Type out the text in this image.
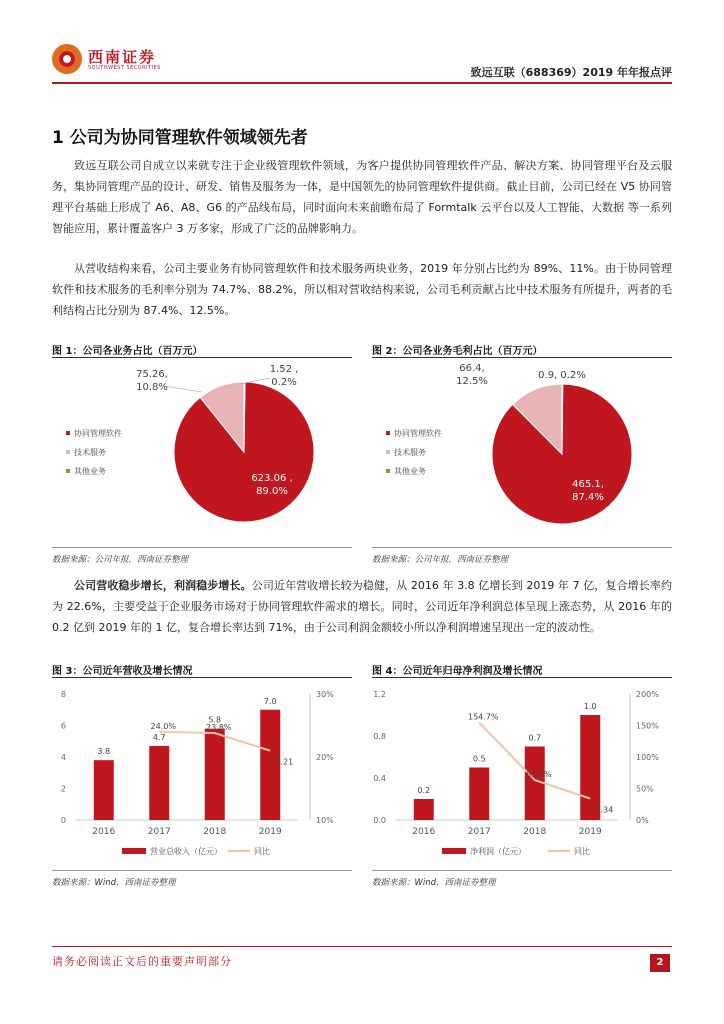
西南证券
SOUTHWEST SECURITIES	致远互联（688369）2019 年年报点评
1 公司为协同管理软件领域领先者

致远互联公司自成立以来就专注于企业级管理软件领域，为客户提供协同管理软件产品、解决方案、协同管理平台及云服务，集协同管理产品的设计、研发、销售及服务为一体，是中国领先的协同管理软件提供商。截止目前，公司已经在 V5 协同管理平台基础上形成了 A6、A8、G6 的产品线布局，同时面向未来前瞻布局了 Formtalk 云平台以及人工智能、大数据 等一系列智能应用，累计覆盖客户 3 万多家，形成了广泛的品牌影响力。

从营收结构来看，公司主要业务有协同管理软件和技术服务两块业务，2019 年分别占比约为 89%、11%。由于协同管理软件和技术服务的毛利率分别为 74.7%、88.2%，所以相对营收结构来说，公司毛利贡献占比中技术服务有所提升，两者的毛利结构占比分别为 87.4%、12.5%。

图 1：公司各业务占比（百万元）	图 2：公司各业务毛利占比（百万元）
协同管理软件
技术服务
其他业务
623.06 ,
89.0%
75.26,
10.8%
1.52 ,
0.2%
协同管理软件
技术服务
其他业务
465.1,
87.4%
66.4,
12.5%
0.9, 0.2%
数据来源：公司年报，西南证券整理	数据来源：公司年报，西南证券整理

公司营收稳步增长，利润稳步增长。公司近年营收增长较为稳健，从 2016 年 3.8 亿增长到 2019 年 7 亿，复合增长率约为 22.6%，主要受益于企业服务市场对于协同管理软件需求的增长。同时，公司近年净利润总体呈现上涨态势，从 2016 年的 0.2 亿到 2019 年的 1 亿，复合增长率达到 71%，由于公司利润金额较小所以净利润增速呈现出一定的波动性。

图 3：公司近年营收及增长情况	图 4：公司近年归母净利润及增长情况
0
2
4
6
8
10%
20%
30%
3.8
2016
4.7
2017
5.8
2018
7.0
2019
24.0%	23.8%
0.21
营业总收入（亿元）	同比
0.0
0.4
0.8
1.2
0%
50%
100%
150%
200%
0.2
2016
0.5
2017
0.7
2018
1.0
2019
154.7%
63.4%
0.34
净利润（亿元）	同比
数据来源：Wind，西南证券整理	数据来源：Wind，西南证券整理
请务必阅读正文后的重要声明部分	2
